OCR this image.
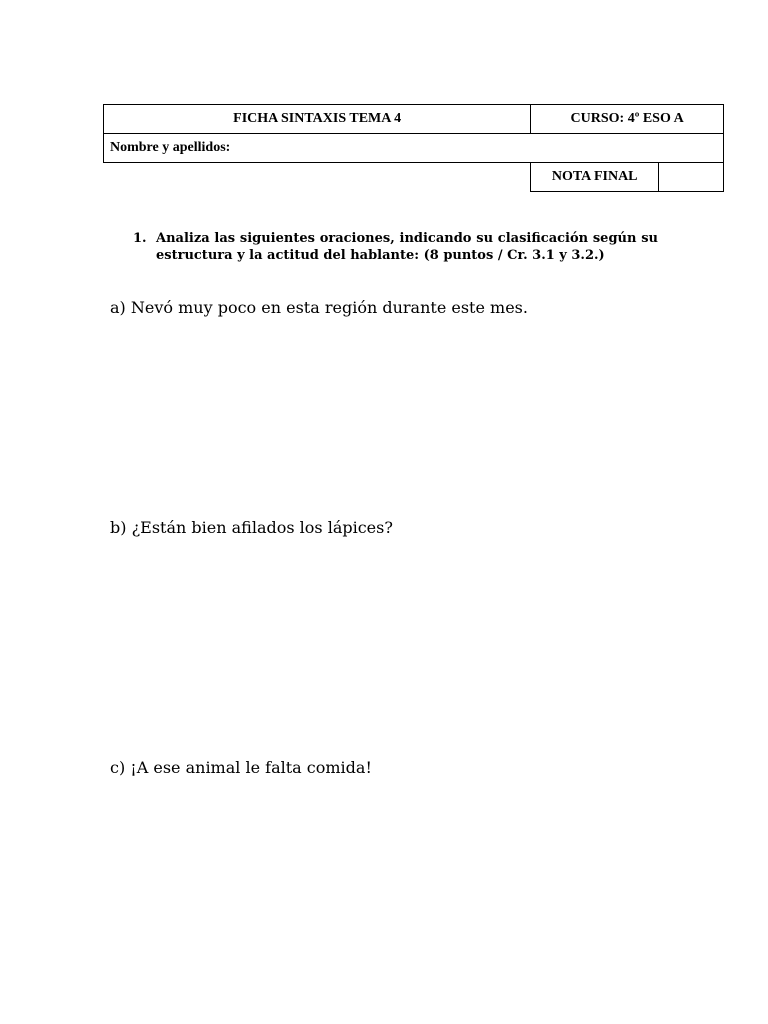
FICHA SINTAXIS TEMA 4	CURSO: 4º ESO A	
Nombre y apellidos:		
	NOTA FINAL	
1. Analiza las siguientes oraciones, indicando su clasificación según su estructura y la actitud del hablante: (8 puntos / Cr. 3.1 y 3.2.)
a) Nevó muy poco en esta región durante este mes.
b) ¿Están bien afilados los lápices?
c) ¡A ese animal le falta comida!
